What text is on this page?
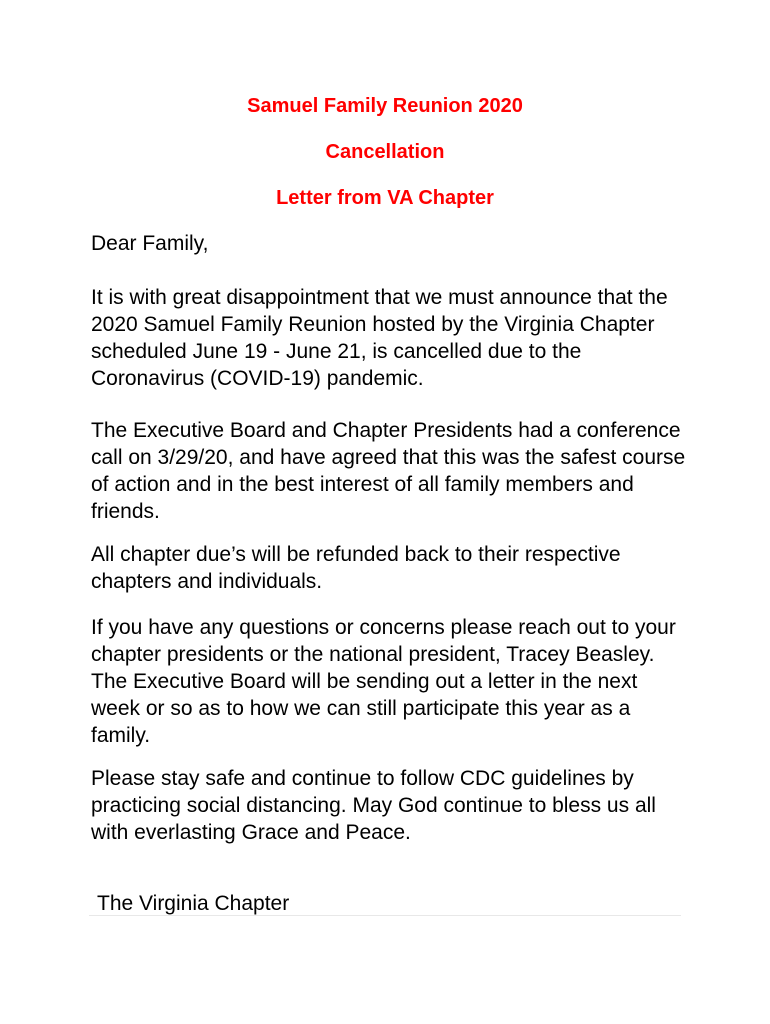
Samuel Family Reunion 2020
Cancellation
Letter from VA Chapter
Dear Family,
It is with great disappointment that we must announce that the 2020 Samuel Family Reunion hosted by the Virginia Chapter scheduled June 19 - June 21, is cancelled due to the Coronavirus (COVID-19) pandemic.
The Executive Board and Chapter Presidents had a conference call on 3/29/20, and have agreed that this was the safest course of action and in the best interest of all family members and friends.
All chapter due’s will be refunded back to their respective chapters and individuals.
If you have any questions or concerns please reach out to your chapter presidents or the national president, Tracey Beasley. The Executive Board will be sending out a letter in the next week or so as to how we can still participate this year as a family.
Please stay safe and continue to follow CDC guidelines by practicing social distancing. May God continue to bless us all with everlasting Grace and Peace.
The Virginia Chapter
